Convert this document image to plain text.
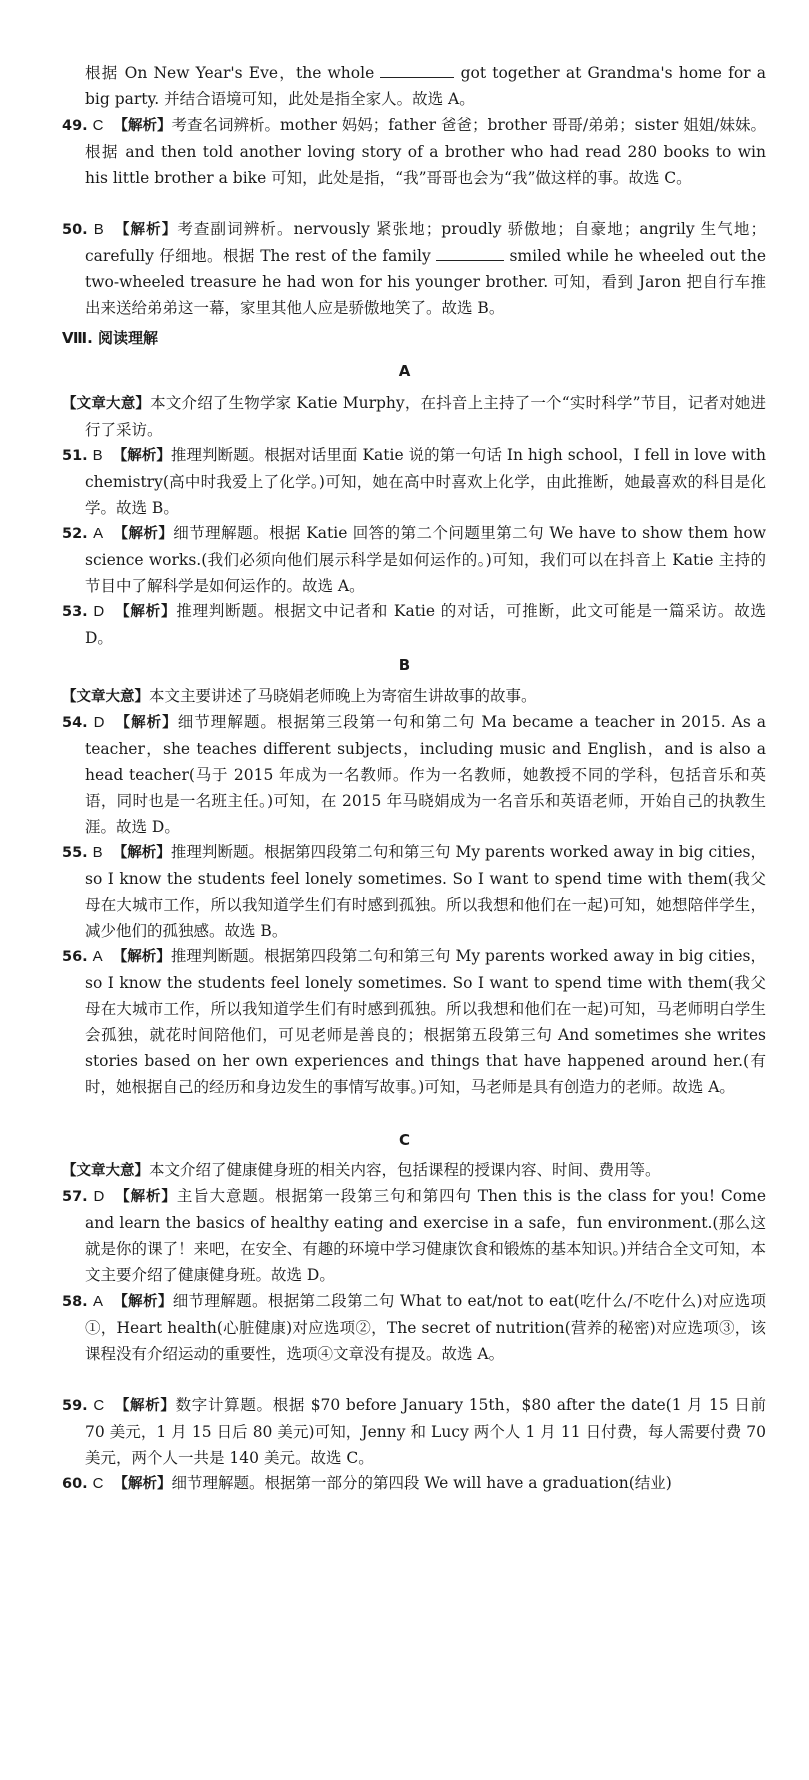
根据 On New Year's Eve，the whole	got together at Grandma's home for a big party. 并结合语境可知，此处是指全家人。故选 A。

49. C 【解析】考查名词辨析。mother 妈妈；father 爸爸；brother 哥哥/弟弟；sister 姐姐/妹妹。根据 and then told another loving story of a brother who had read 280 books to win his little brother a bike 可知，此处是指，“我”哥哥也会为“我”做这样的事。故选 C。

50. B 【解析】考查副词辨析。nervously 紧张地；proudly 骄傲地；自豪地；angrily 生气地；carefully 仔细地。根据 The rest of the family	smiled while he wheeled out the two-wheeled treasure he had won for his younger brother. 可知，看到 Jaron 把自行车推出来送给弟弟这一幕，家里其他人应是骄傲地笑了。故选 B。

Ⅷ. 阅读理解
A

【文章大意】本文介绍了生物学家 Katie Murphy，在抖音上主持了一个“实时科学”节目，记者对她进行了采访。

51. B 【解析】推理判断题。根据对话里面 Katie 说的第一句话 In high school，I fell in love with chemistry(高中时我爱上了化学。)可知，她在高中时喜欢上化学，由此推断，她最喜欢的科目是化学。故选 B。

52. A 【解析】细节理解题。根据 Katie 回答的第二个问题里第二句 We have to show them how science works.(我们必须向他们展示科学是如何运作的。)可知，我们可以在抖音上 Katie 主持的节目中了解科学是如何运作的。故选 A。

53. D 【解析】推理判断题。根据文中记者和 Katie 的对话，可推断，此文可能是一篇采访。故选 D。

B

【文章大意】本文主要讲述了马晓娟老师晚上为寄宿生讲故事的故事。

54. D 【解析】细节理解题。根据第三段第一句和第二句 Ma became a teacher in 2015. As a teacher，she teaches different subjects，including music and English，and is also a head teacher(马于 2015 年成为一名教师。作为一名教师，她教授不同的学科，包括音乐和英语，同时也是一名班主任。)可知，在 2015 年马晓娟成为一名音乐和英语老师，开始自己的执教生涯。故选 D。

55. B 【解析】推理判断题。根据第四段第二句和第三句 My parents worked away in big cities，so I know the students feel lonely sometimes. So I want to spend time with them(我父母在大城市工作，所以我知道学生们有时感到孤独。所以我想和他们在一起)可知，她想陪伴学生，减少他们的孤独感。故选 B。

56. A 【解析】推理判断题。根据第四段第二句和第三句 My parents worked away in big cities，so I know the students feel lonely sometimes. So I want to spend time with them(我父母在大城市工作，所以我知道学生们有时感到孤独。所以我想和他们在一起)可知，马老师明白学生会孤独，就花时间陪他们，可见老师是善良的；根据第五段第三句 And sometimes she writes stories based on her own experiences and things that have happened around her.(有时，她根据自己的经历和身边发生的事情写故事。)可知，马老师是具有创造力的老师。故选 A。

C

【文章大意】本文介绍了健康健身班的相关内容，包括课程的授课内容、时间、费用等。

57. D 【解析】主旨大意题。根据第一段第三句和第四句 Then this is the class for you! Come and learn the basics of healthy eating and exercise in a safe，fun environment.(那么这就是你的课了！来吧，在安全、有趣的环境中学习健康饮食和锻炼的基本知识。)并结合全文可知，本文主要介绍了健康健身班。故选 D。

58. A 【解析】细节理解题。根据第二段第二句 What to eat/not to eat(吃什么/不吃什么)对应选项①，Heart health(心脏健康)对应选项②，The secret of nutrition(营养的秘密)对应选项③，该课程没有介绍运动的重要性，选项④文章没有提及。故选 A。

59. C 【解析】数字计算题。根据 $70 before January 15th，$80 after the date(1 月 15 日前 70 美元，1 月 15 日后 80 美元)可知，Jenny 和 Lucy 两个人 1 月 11 日付费，每人需要付费 70 美元，两个人一共是 140 美元。故选 C。

60. C 【解析】细节理解题。根据第一部分的第四段 We will have a graduation(结业)
